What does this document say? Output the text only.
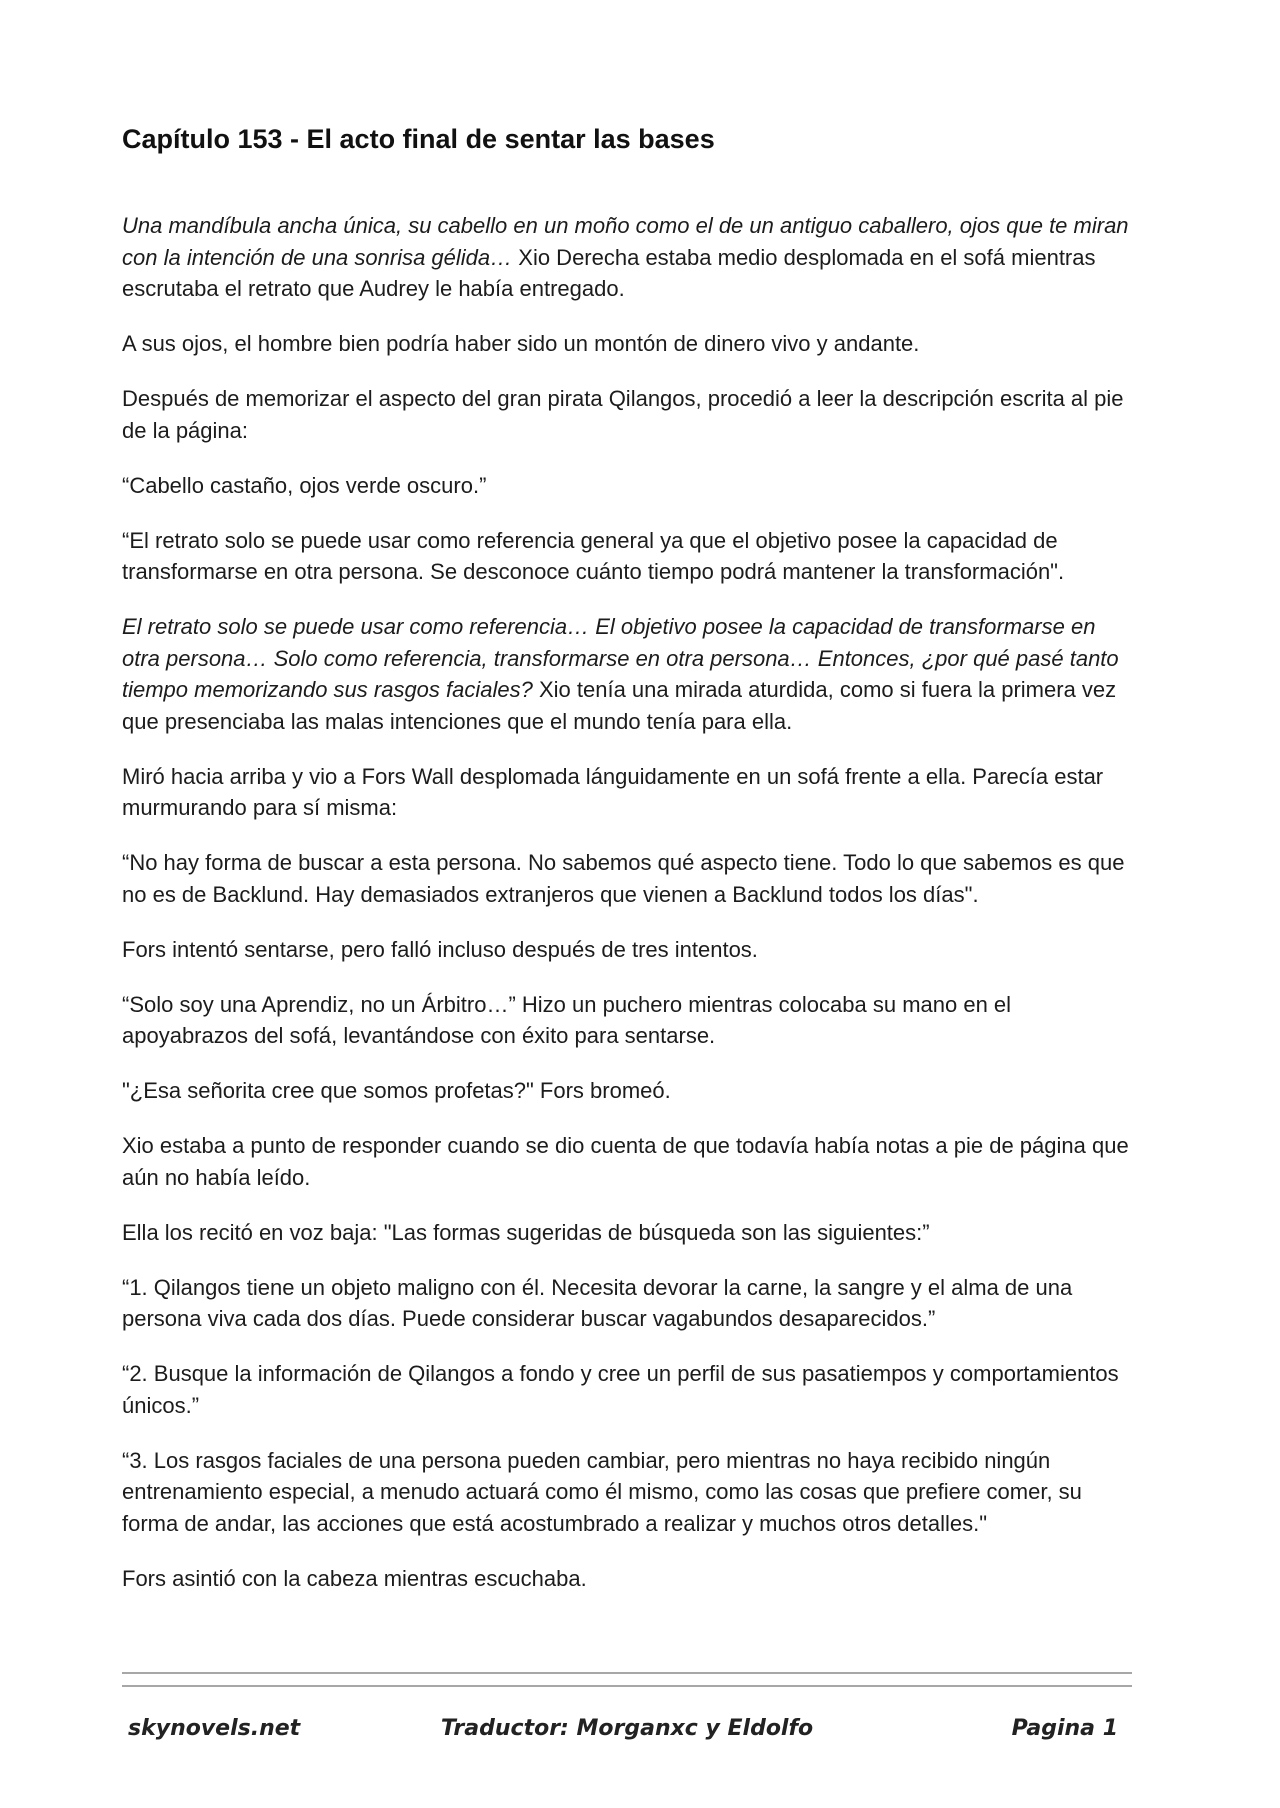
Capítulo 153 - El acto final de sentar las bases

Una mandíbula ancha única, su cabello en un moño como el de un antiguo caballero, ojos que te miran con la intención de una sonrisa gélida… Xio Derecha estaba medio desplomada en el sofá mientras escrutaba el retrato que Audrey le había entregado.

A sus ojos, el hombre bien podría haber sido un montón de dinero vivo y andante.

Después de memorizar el aspecto del gran pirata Qilangos, procedió a leer la descripción escrita al pie de la página:

“Cabello castaño, ojos verde oscuro.”

“El retrato solo se puede usar como referencia general ya que el objetivo posee la capacidad de transformarse en otra persona. Se desconoce cuánto tiempo podrá mantener la transformación".

El retrato solo se puede usar como referencia… El objetivo posee la capacidad de transformarse en otra persona… Solo como referencia, transformarse en otra persona… Entonces, ¿por qué pasé tanto tiempo memorizando sus rasgos faciales? Xio tenía una mirada aturdida, como si fuera la primera vez que presenciaba las malas intenciones que el mundo tenía para ella.

Miró hacia arriba y vio a Fors Wall desplomada lánguidamente en un sofá frente a ella. Parecía estar murmurando para sí misma:

“No hay forma de buscar a esta persona. No sabemos qué aspecto tiene. Todo lo que sabemos es que no es de Backlund. Hay demasiados extranjeros que vienen a Backlund todos los días".

Fors intentó sentarse, pero falló incluso después de tres intentos.

“Solo soy una Aprendiz, no un Árbitro…” Hizo un puchero mientras colocaba su mano en el apoyabrazos del sofá, levantándose con éxito para sentarse.

"¿Esa señorita cree que somos profetas?" Fors bromeó.

Xio estaba a punto de responder cuando se dio cuenta de que todavía había notas a pie de página que aún no había leído.

Ella los recitó en voz baja: "Las formas sugeridas de búsqueda son las siguientes:”

“1. Qilangos tiene un objeto maligno con él. Necesita devorar la carne, la sangre y el alma de una persona viva cada dos días. Puede considerar buscar vagabundos desaparecidos.”

“2. Busque la información de Qilangos a fondo y cree un perfil de sus pasatiempos y comportamientos únicos.”

“3. Los rasgos faciales de una persona pueden cambiar, pero mientras no haya recibido ningún entrenamiento especial, a menudo actuará como él mismo, como las cosas que prefiere comer, su forma de andar, las acciones que está acostumbrado a realizar y muchos otros detalles."

Fors asintió con la cabeza mientras escuchaba.

Traductor: Morganxc y Eldolfo
skynovels.net	Pagina 1
